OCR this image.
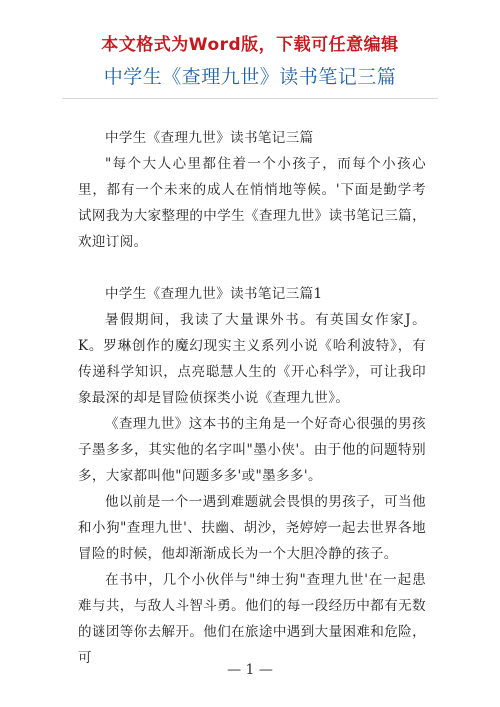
本文格式为Word版，下载可任意编辑
中学生《查理九世》读书笔记三篇

中学生《查理九世》读书笔记三篇

"每个大人心里都住着一个小孩子，而每个小孩心里，都有一个未来的成人在悄悄地等候。'下面是勤学考试网我为大家整理的中学生《查理九世》读书笔记三篇，欢迎订阅。

中学生《查理九世》读书笔记三篇1

暑假期间，我读了大量课外书。有英国女作家J。K。罗琳创作的魔幻现实主义系列小说《哈利波特》，有传递科学知识，点亮聪慧人生的《开心科学》，可让我印象最深的却是冒险侦探类小说《查理九世》。

《查理九世》这本书的主角是一个好奇心很强的男孩子墨多多，其实他的名字叫"墨小侠'。由于他的问题特别多，大家都叫他"问题多多'或"墨多多'。

他以前是一个一遇到难题就会畏惧的男孩子，可当他和小狗"查理九世'、扶幽、胡沙，尧婷婷一起去世界各地冒险的时候，他却渐渐成长为一个大胆冷静的孩子。

在书中，几个小伙伴与"绅士狗"查理九世'在一起患难与共，与敌人斗智斗勇。他们的每一段经历中都有无数的谜团等你去解开。他们在旅途中遇到大量困难和危险，可

— 1 —
